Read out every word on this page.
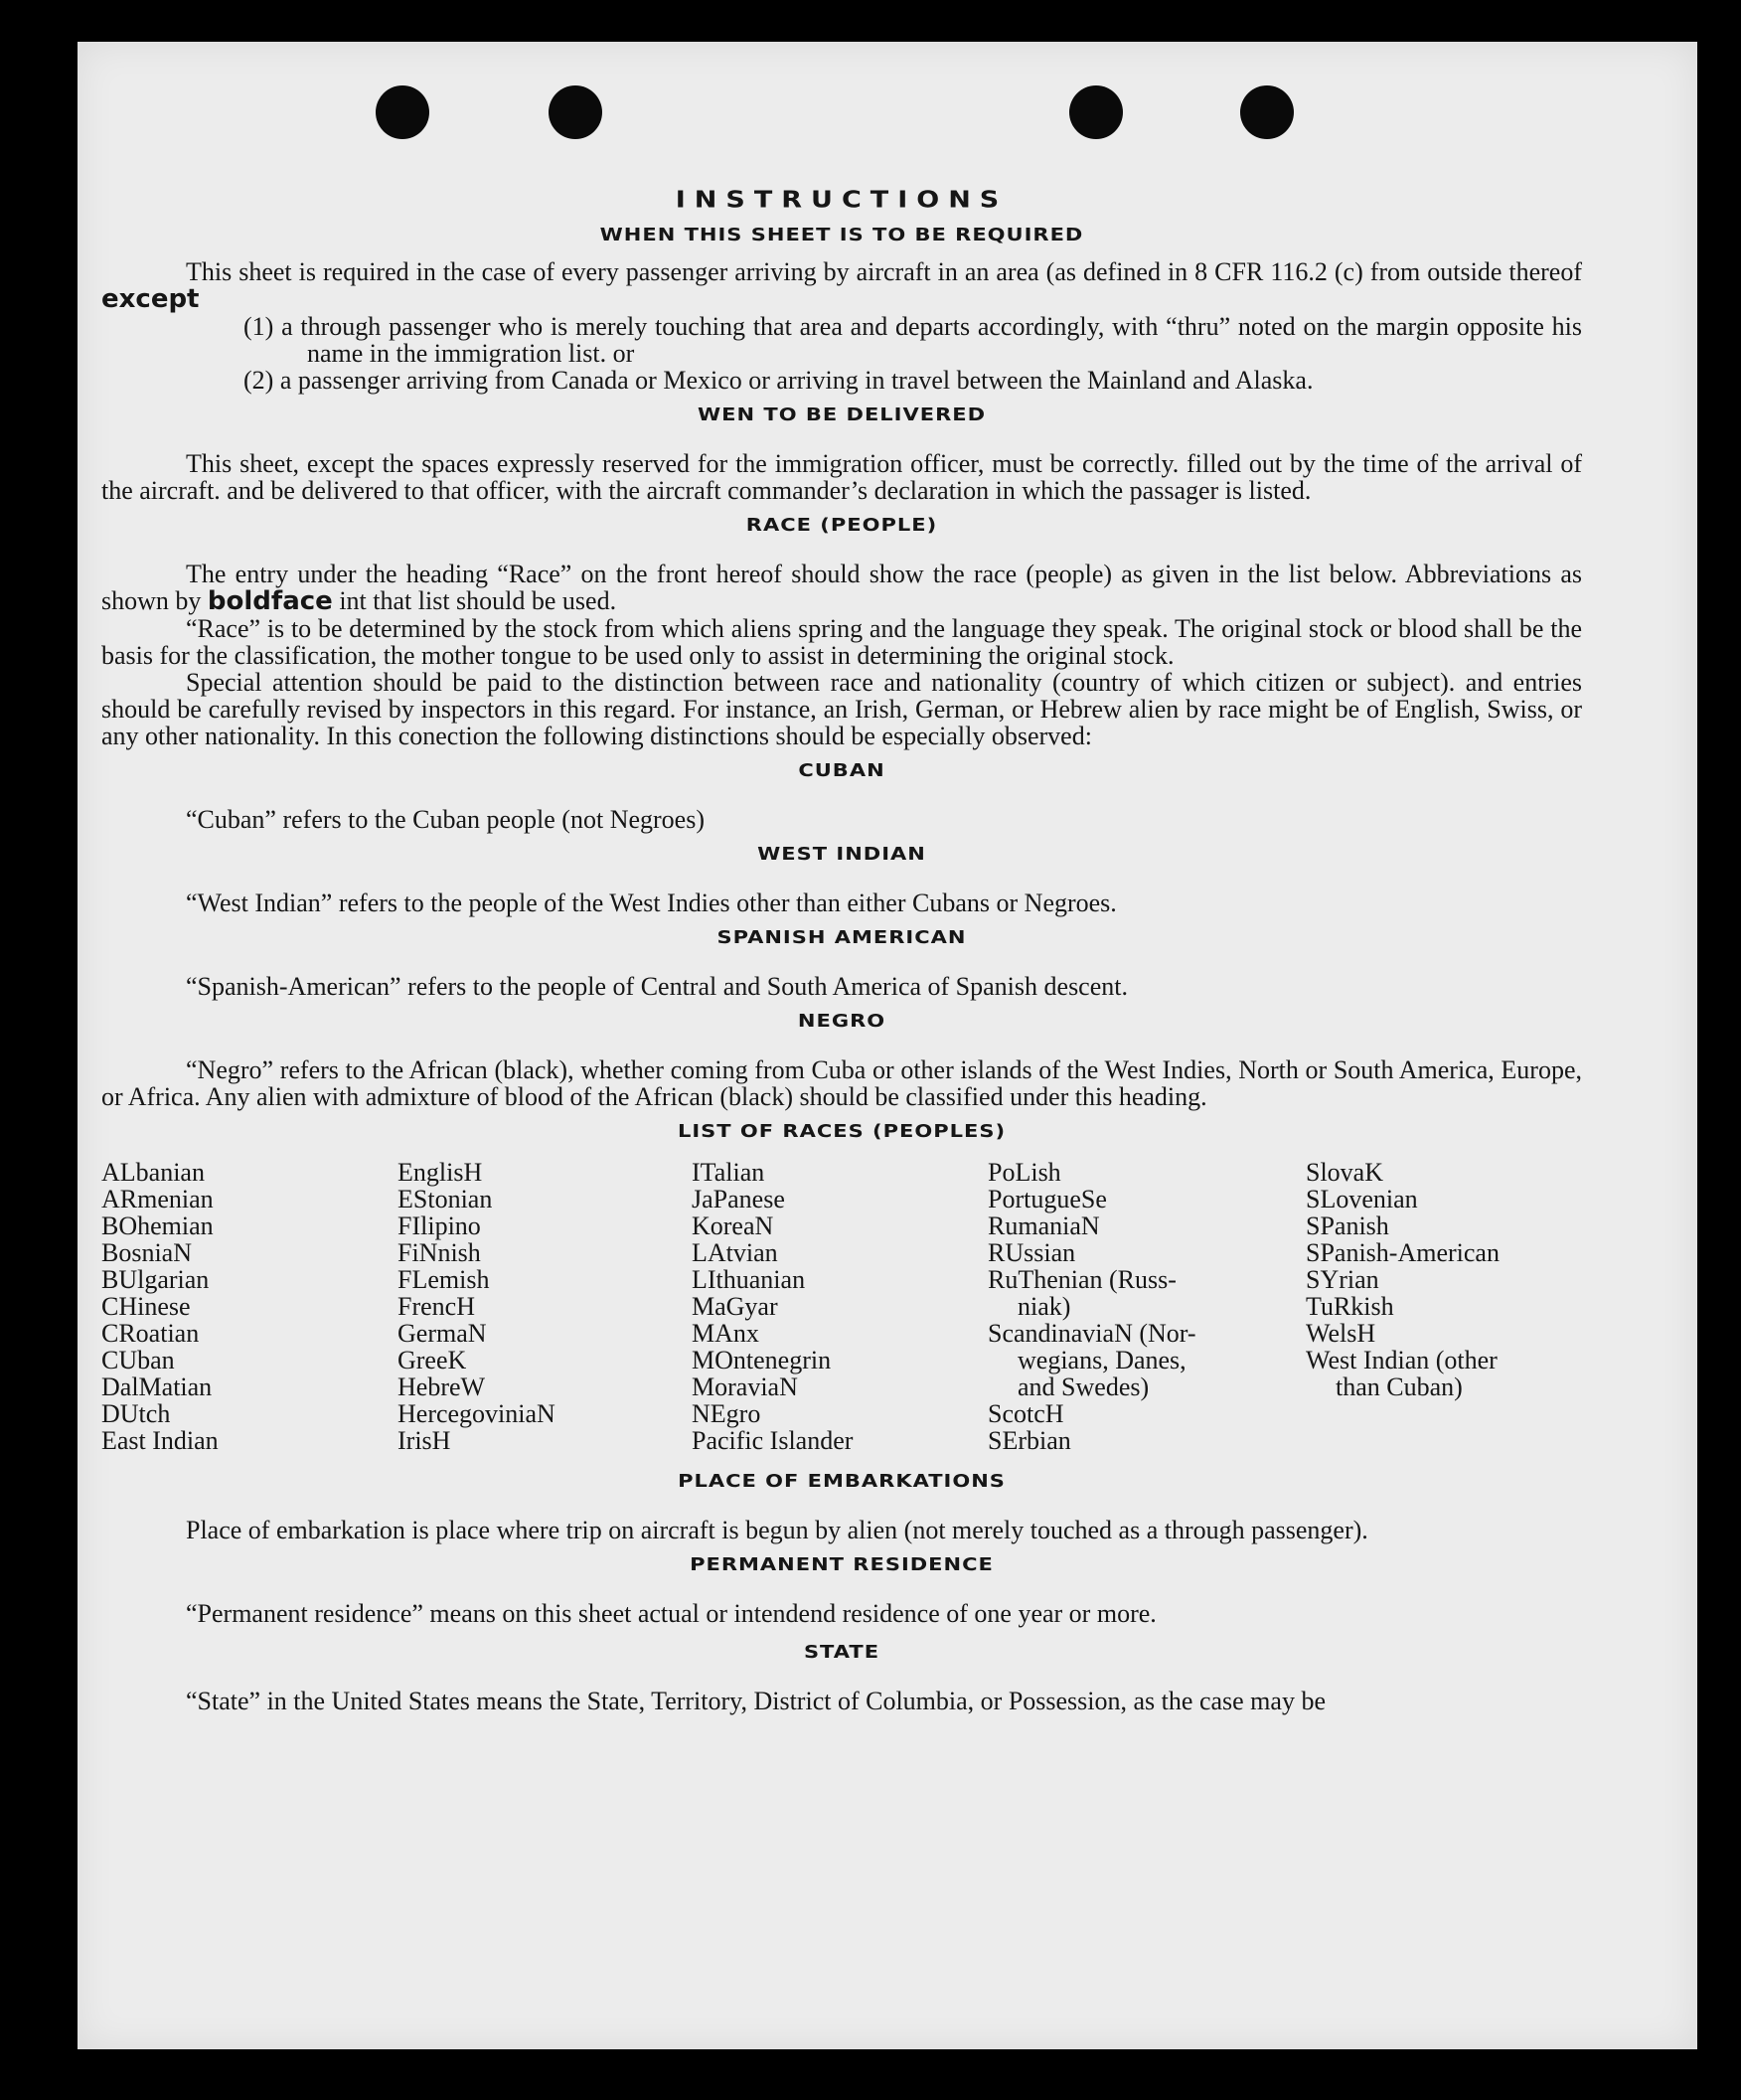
INSTRUCTIONS
WHEN THIS SHEET IS TO BE REQUIRED

This sheet is required in the case of every passenger arriving by aircraft in an area (as defined in 8 CFR 116.2 (c) from outside thereof except

(1) a through passenger who is merely touching that area and departs accordingly, with “thru” noted on the margin opposite his name in the immigration list. or

(2) a passenger arriving from Canada or Mexico or arriving in travel between the Mainland and Alaska.

WEN TO BE DELIVERED

This sheet, except the spaces expressly reserved for the immigration officer, must be correctly. filled out by the time of the arrival of the aircraft. and be delivered to that officer, with the aircraft commander’s declaration in which the passager is listed.

RACE (PEOPLE)

The entry under the heading “Race” on the front hereof should show the race (people) as given in the list below. Abbreviations as shown by boldface int that list should be used.

“Race” is to be determined by the stock from which aliens spring and the language they speak. The original stock or blood shall be the basis for the classification, the mother tongue to be used only to assist in determining the original stock.

Special attention should be paid to the distinction between race and nationality (country of which citizen or subject). and entries should be carefully revised by inspectors in this regard. For instance, an Irish, German, or Hebrew alien by race might be of English, Swiss, or any other nationality. In this conection the following distinctions should be especially observed:

CUBAN

“Cuban” refers to the Cuban people (not Negroes)

WEST INDIAN

“West Indian” refers to the people of the West Indies other than either Cubans or Negroes.

SPANISH AMERICAN

“Spanish-American” refers to the people of Central and South America of Spanish descent.

NEGRO

“Negro” refers to the African (black), whether coming from Cuba or other islands of the West Indies, North or South America, Europe, or Africa. Any alien with admixture of blood of the African (black) should be classified under this heading.

LIST OF RACES (PEOPLES)
ALbanian
ARmenian
BOhemian
BosniaN
BUlgarian
CHinese
CRoatian
CUban
DalMatian
DUtch
East Indian
EnglisH
EStonian
FIlipino
FiNnish
FLemish
FrencH
GermaN
GreeK
HebreW
HercegoviniaN
IrisH
ITalian
JaPanese
KoreaN
LAtvian
LIthuanian
MaGyar
MAnx
MOntenegrin
MoraviaN
NEgro
Pacific Islander
PoLish
PortugueSe
RumaniaN
RUssian
RuThenian (Russ-
niak)
ScandinaviaN (Nor-
wegians, Danes,
and Swedes)
ScotcH
SErbian
SlovaK
SLovenian
SPanish
SPanish-American
SYrian
TuRkish
WelsH
West Indian (other
than Cuban)
PLACE OF EMBARKATIONS

Place of embarkation is place where trip on aircraft is begun by alien (not merely touched as a through passenger).

PERMANENT RESIDENCE

“Permanent residence” means on this sheet actual or intendend residence of one year or more.

STATE

“State” in the United States means the State, Territory, District of Columbia, or Possession, as the case may be
